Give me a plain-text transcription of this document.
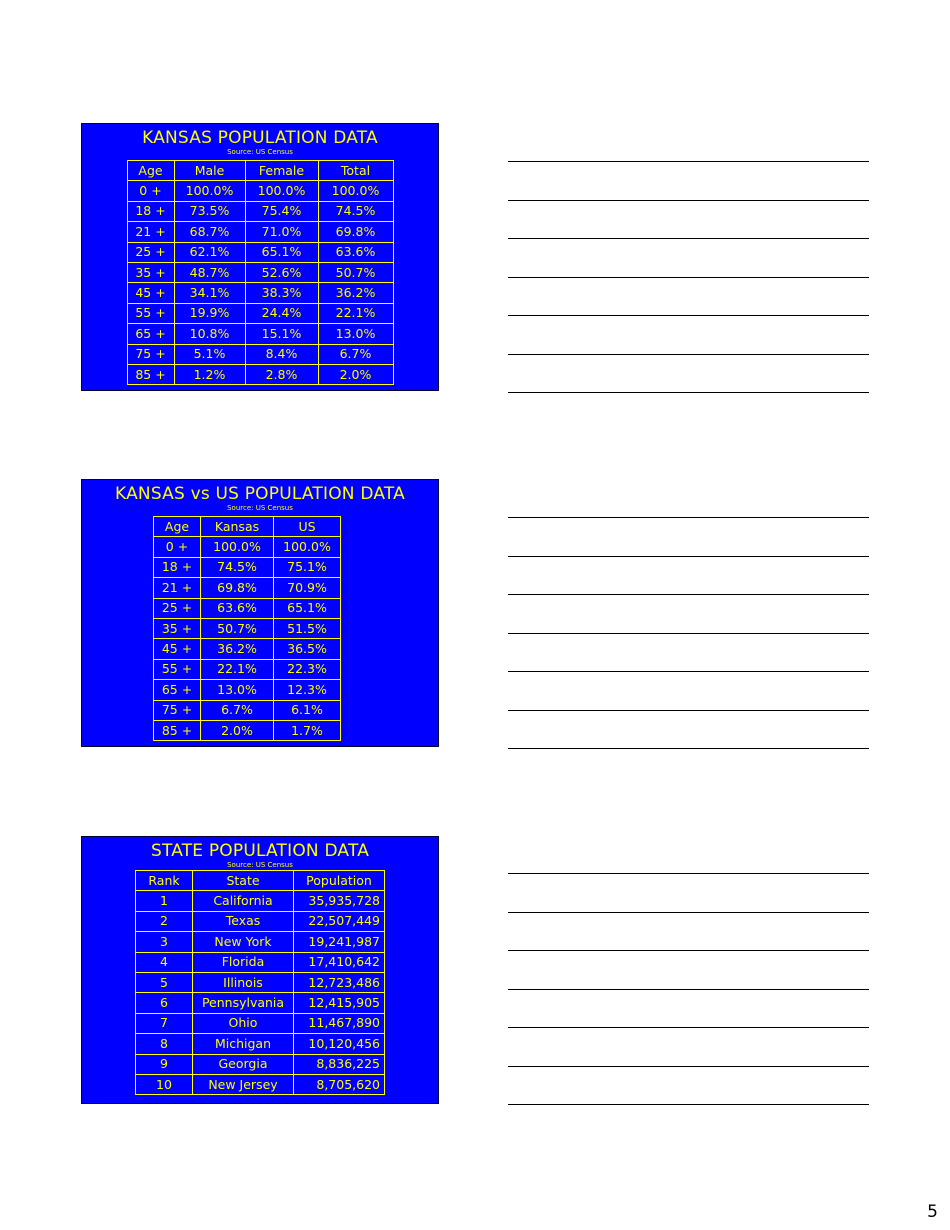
KANSAS POPULATION DATA
Source: US Census
Age	Male	Female	Total
0 +	100.0%	100.0%	100.0%
18 +	73.5%	75.4%	74.5%
21 +	68.7%	71.0%	69.8%
25 +	62.1%	65.1%	63.6%
35 +	48.7%	52.6%	50.7%
45 +	34.1%	38.3%	36.2%
55 +	19.9%	24.4%	22.1%
65 +	10.8%	15.1%	13.0%
75 +	5.1%	8.4%	6.7%
85 +	1.2%	2.8%	2.0%
KANSAS vs US POPULATION DATA
Source: US Census
Age	Kansas	US
0 +	100.0%	100.0%
18 +	74.5%	75.1%
21 +	69.8%	70.9%
25 +	63.6%	65.1%
35 +	50.7%	51.5%
45 +	36.2%	36.5%
55 +	22.1%	22.3%
65 +	13.0%	12.3%
75 +	6.7%	6.1%
85 +	2.0%	1.7%
STATE POPULATION DATA
Source: US Census
Rank	State	Population
1	California	35,935,728
2	Texas	22,507,449
3	New York	19,241,987
4	Florida	17,410,642
5	Illinois	12,723,486
6	Pennsylvania	12,415,905
7	Ohio	11,467,890
8	Michigan	10,120,456
9	Georgia	8,836,225
10	New Jersey	8,705,620
5
